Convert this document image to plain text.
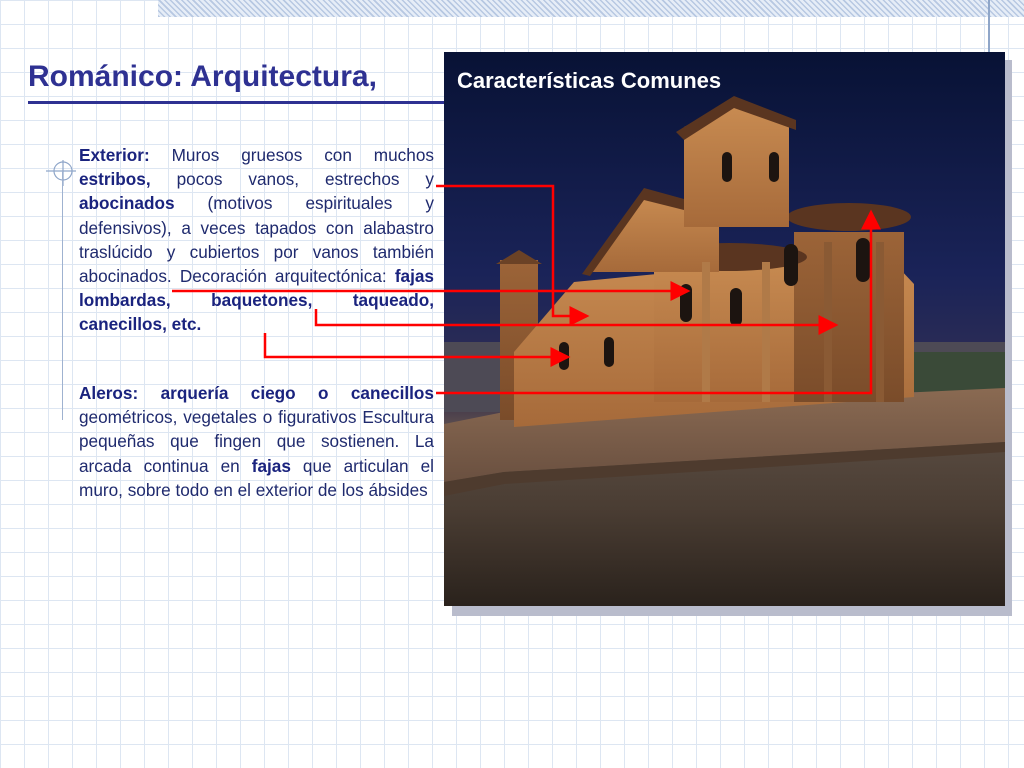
Románico: Arquitectura,	Características Comunes
Exterior: Muros gruesos con muchos estribos, pocos vanos, estrechos y abocinados (motivos espirituales y defensivos), a veces tapados con alabastro traslúcido y cubiertos por vanos también abocinados. Decoración arquitectónica: fajas lombardas, baquetones, taqueado, canecillos, etc.
Aleros: arquería ciego o canecillos geométricos, vegetales o figurativos Escultura pequeñas que fingen que sostienen. La arcada continua en fajas que articulan el muro, sobre todo en el exterior de los ábsides
